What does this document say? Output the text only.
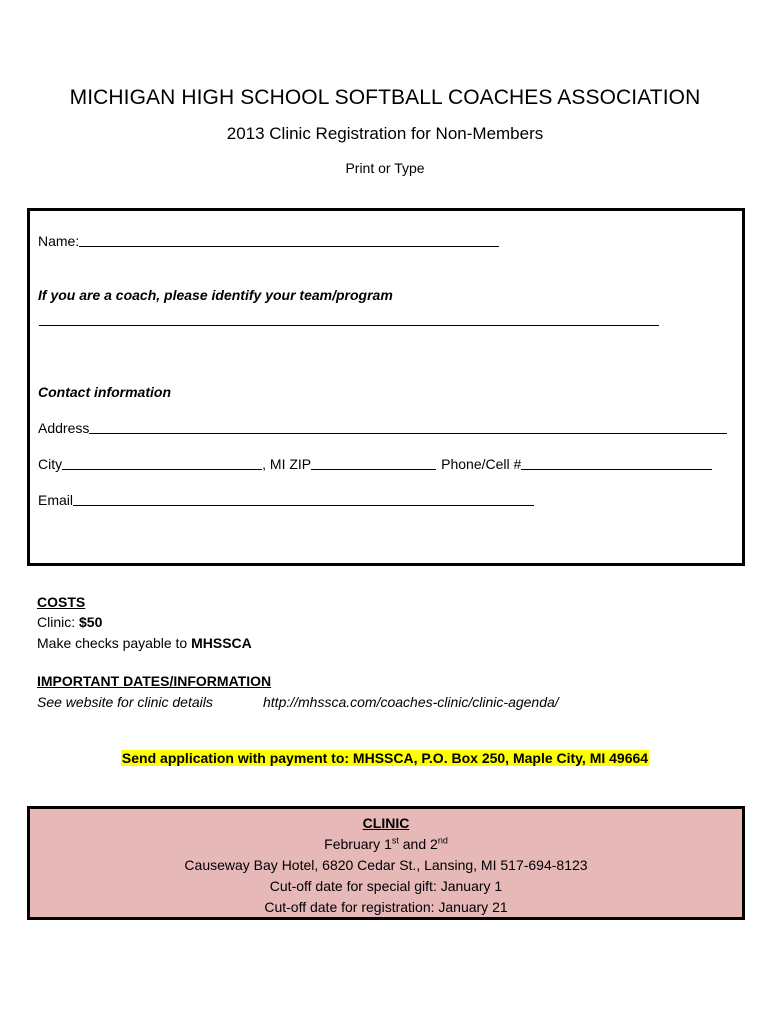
MICHIGAN HIGH SCHOOL SOFTBALL COACHES ASSOCIATION
2013 Clinic Registration for Non-Members
Print or Type
Name:
If you are a coach, please identify your team/program
Contact information
Address
City	, MI ZIP	Phone/Cell #
Email
COSTS
Clinic: $50
Make checks payable to MHSSCA
IMPORTANT DATES/INFORMATION
See website for clinic details	http://mhssca.com/coaches-clinic/clinic-agenda/
Send application with payment to: MHSSCA, P.O. Box 250, Maple City, MI 49664
CLINIC
February 1st and 2nd
Causeway Bay Hotel, 6820 Cedar St., Lansing, MI 517-694-8123
Cut-off date for special gift: January 1
Cut-off date for registration: January 21
